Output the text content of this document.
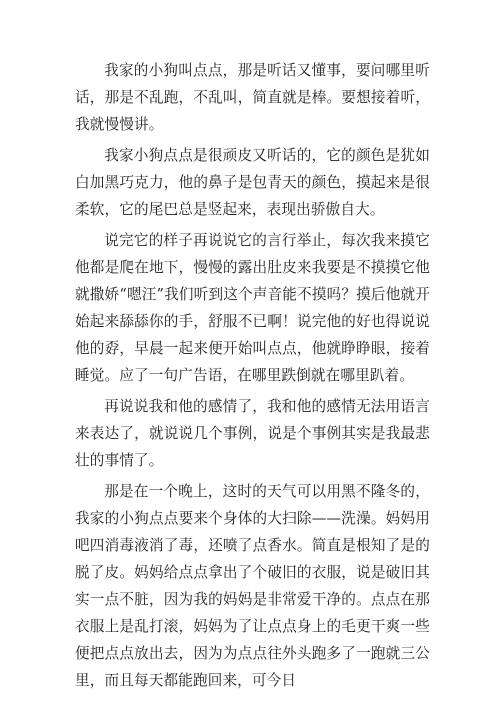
我家的小狗叫点点，那是听话又懂事，要问哪里听话，那是不乱跑，不乱叫，简直就是棒。要想接着听，我就慢慢讲。

我家小狗点点是很顽皮又听话的，它的颜色是犹如白加黑巧克力，他的鼻子是包青天的颜色，摸起来是很柔软，它的尾巴总是竖起来，表现出骄傲自大。

说完它的样子再说说它的言行举止，每次我来摸它他都是爬在地下，慢慢的露出肚皮来我要是不摸摸它他就撒娇“嗯汪”我们听到这个声音能不摸吗？摸后他就开始起来舔舔你的手，舒服不已啊！说完他的好也得说说他的孬，早晨一起来便开始叫点点，他就睁睁眼，接着睡觉。应了一句广告语，在哪里跌倒就在哪里趴着。

再说说我和他的感情了，我和他的感情无法用语言来表达了，就说说几个事例，说是个事例其实是我最悲壮的事情了。

那是在一个晚上，这时的天气可以用黑不隆冬的，我家的小狗点点要来个身体的大扫除——洗澡。妈妈用吧四消毒液消了毒，还喷了点香水。简直是根知了是的脱了皮。妈妈给点点拿出了个破旧的衣服，说是破旧其实一点不脏，因为我的妈妈是非常爱干净的。点点在那衣服上是乱打滚，妈妈为了让点点身上的毛更干爽一些便把点点放出去，因为为点点往外头跑多了一跑就三公里，而且每天都能跑回来，可今日
